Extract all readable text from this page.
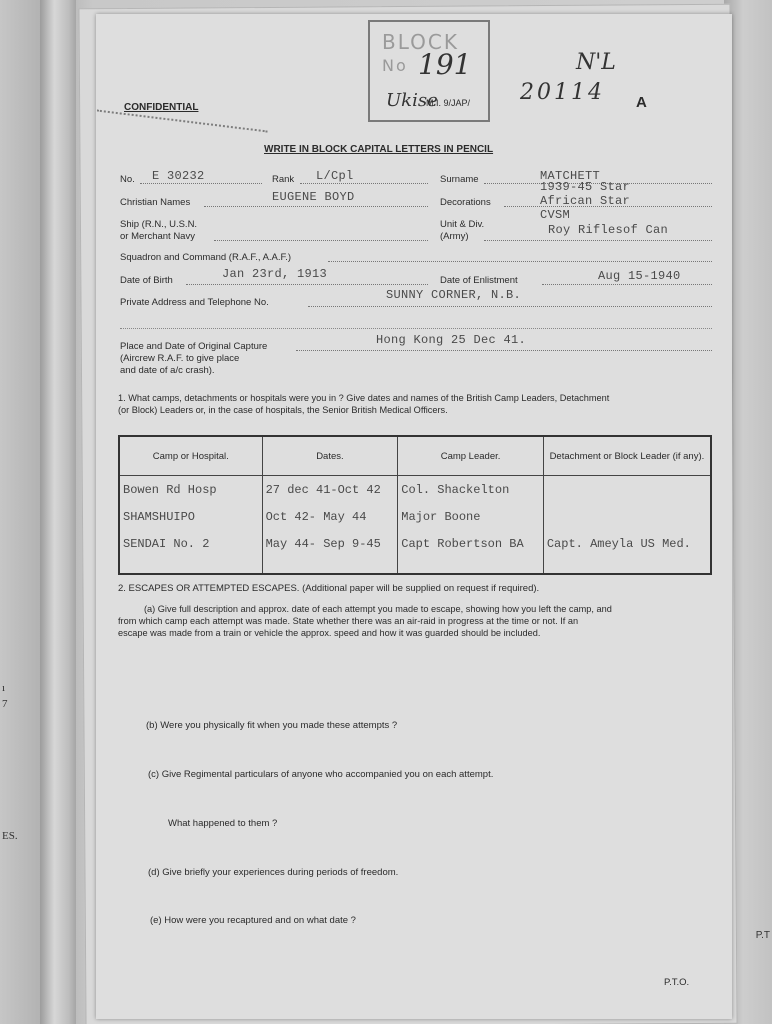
ı
7
ES.
P.T
BLOCK
No 191
Ukise
CONFIDENTIAL	M.I. 9/JAP/ 20114
N'L
A
WRITE IN BLOCK CAPITAL LETTERS IN PENCIL
No. E 30232	Rank L/Cpl	Surname	MATCHETT
Christian Names	EUGENE BOYD	Decorations
1939-45 Star
African Star
CVSM
Ship (R.N., U.S.N.
or Merchant Navy
Unit & Div.
(Army)	Roy Riflesof Can
Squadron and Command (R.A.F., A.A.F.)
Date of Birth	Jan 23rd, 1913	Date of Enlistment	Aug 15-1940
Private Address and Telephone No.
SUNNY CORNER, N.B.
Place and Date of Original Capture
(Aircrew R.A.F. to give place
and date of a/c crash).
Hong Kong 25 Dec 41.
1. What camps, detachments or hospitals were you in ? Give dates and names of the British Camp Leaders, Detachment
(or Block) Leaders or, in the case of hospitals, the Senior British Medical Officers.
Camp or Hospital.	Dates.	Camp Leader.	Detachment or Block Leader (if any).
Bowen Rd Hosp	27 dec 41-Oct 42	Col. Shackelton	
SHAMSHUIPO	Oct 42- May 44	Major Boone	
SENDAI No. 2	May 44- Sep 9-45	Capt Robertson BA	Capt. Ameyla US Med.

2. ESCAPES OR ATTEMPTED ESCAPES. (Additional paper will be supplied on request if required).
(a) Give full description and approx. date of each attempt you made to escape, showing how you left the camp, and
from which camp each attempt was made. State whether there was an air-raid in progress at the time or not. If an
escape was made from a train or vehicle the approx. speed and how it was guarded should be included.
(b) Were you physically fit when you made these attempts ?
(c) Give Regimental particulars of anyone who accompanied you on each attempt.
What happened to them ?
(d) Give briefly your experiences during periods of freedom.
(e) How were you recaptured and on what date ?
P.T.O.
